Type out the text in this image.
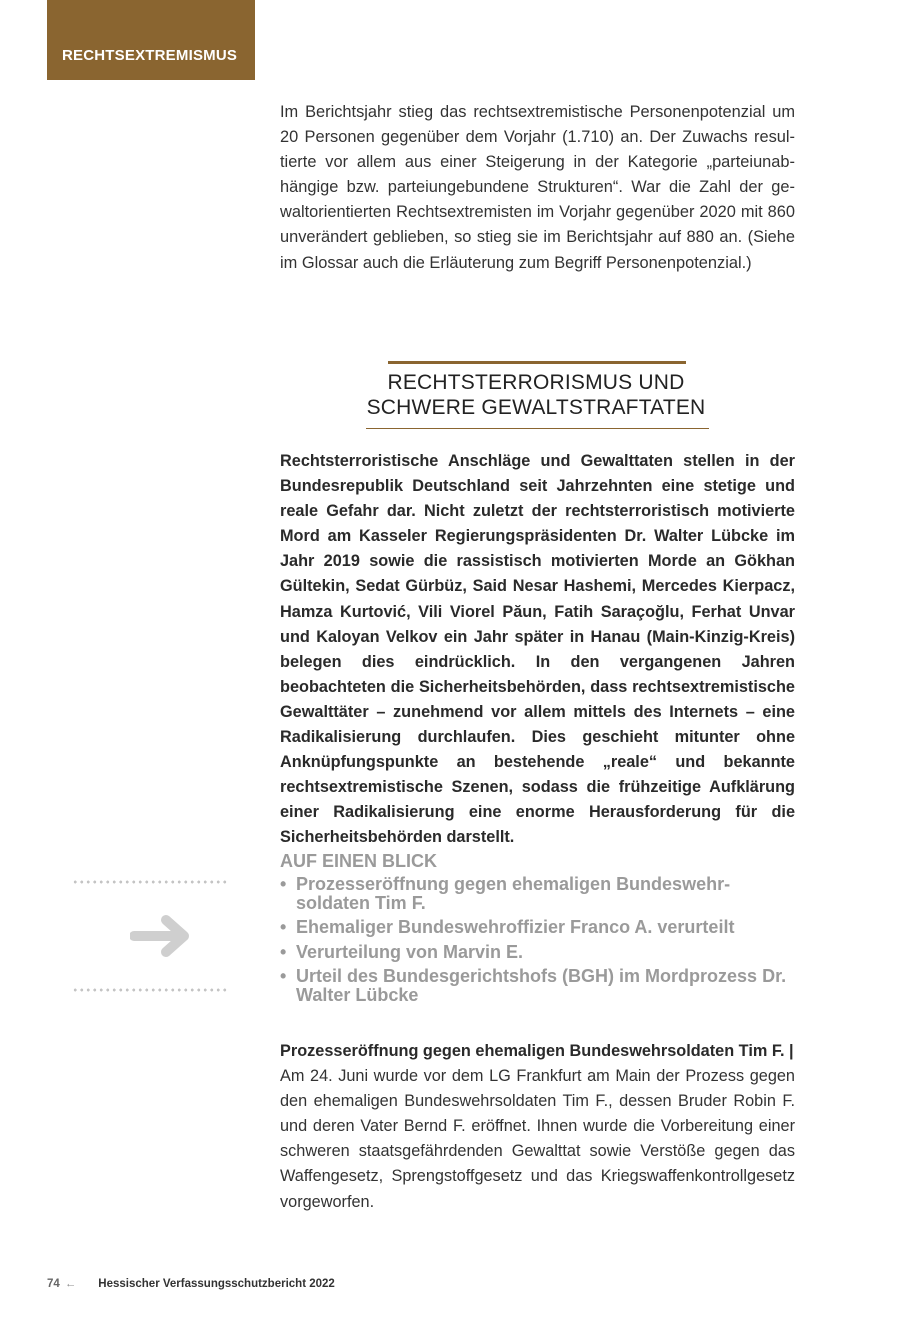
RECHTSEXTREMISMUS

Im Berichtsjahr stieg das rechtsextremistische Personenpotenzial um 20 Personen gegenüber dem Vorjahr (1.710) an. Der Zuwachs resultierte vor allem aus einer Steigerung in der Kategorie „parteiunabhängige bzw. parteiungebundene Strukturen“. War die Zahl der gewaltorientierten Rechtsextremisten im Vorjahr gegenüber 2020 mit 860 unverändert geblieben, so stieg sie im Berichtsjahr auf 880 an. (Siehe im Glossar auch die Erläuterung zum Begriff Personenpotenzial.)

RECHTSTERRORISMUS UND
SCHWERE GEWALTSTRAFTATEN

Rechtsterroristische Anschläge und Gewalttaten stellen in der Bundesrepublik Deutschland seit Jahrzehnten eine stetige und reale Gefahr dar. Nicht zuletzt der rechtsterroristisch motivierte Mord am Kasseler Regierungspräsidenten Dr. Walter Lübcke im Jahr 2019 sowie die rassistisch motivierten Morde an Gökhan Gültekin, Sedat Gürbüz, Said Nesar Hashemi, Mercedes Kierpacz, Hamza Kurtović, Vili Viorel Păun, Fatih Saraçoğlu, Ferhat Unvar und Kaloyan Velkov ein Jahr später in Hanau (Main-Kinzig-Kreis) belegen dies eindrücklich. In den vergangenen Jahren beobachteten die Sicherheitsbehörden, dass rechtsextremistische Gewalttäter – zunehmend vor allem mittels des Internets – eine Radikalisierung durchlaufen. Dies geschieht mitunter ohne Anknüpfungspunkte an bestehende „reale“ und bekannte rechtsextremistische Szenen, sodass die frühzeitige Aufklärung einer Radikalisierung eine enorme Herausforderung für die Sicherheitsbehörden darstellt.

AUF EINEN BLICK
• Prozesseröffnung gegen ehemaligen Bundeswehr-soldaten Tim F.
• Ehemaliger Bundeswehroffizier Franco A. verurteilt
• Verurteilung von Marvin E.
• Urteil des Bundesgerichtshofs (BGH) im Mordprozess Dr. Walter Lübcke
Prozesseröffnung gegen ehemaligen Bundeswehrsoldaten Tim F. |
Am 24. Juni wurde vor dem LG Frankfurt am Main der Prozess gegen den ehemaligen Bundeswehrsoldaten Tim F., dessen Bruder Robin F. und deren Vater Bernd F. eröffnet. Ihnen wurde die Vorbereitung einer schweren staatsgefährdenden Gewalttat sowie Verstöße gegen das Waffengesetz, Sprengstoffgesetz und das Kriegswaffenkontrollgesetz vorgeworfen.
74 ← Hessischer Verfassungsschutzbericht 2022
